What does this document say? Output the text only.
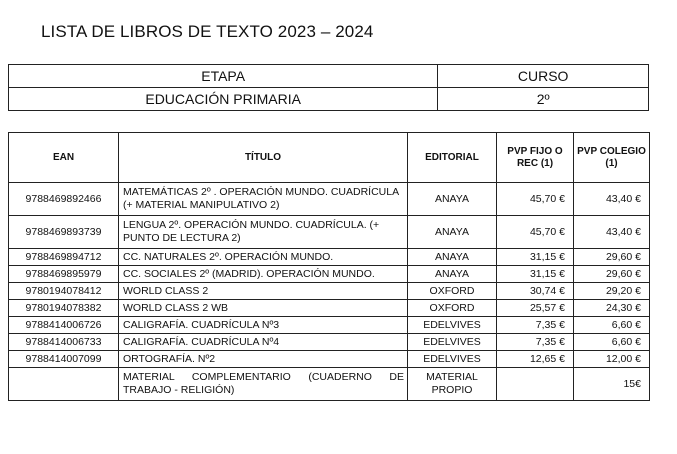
LISTA DE LIBROS DE TEXTO 2023 – 2024
ETAPA	CURSO
EDUCACIÓN PRIMARIA	2º
EAN	TÍTULO	EDITORIAL	PVP FIJO O REC (1)	PVP COLEGIO (1)
9788469892466	MATEMÁTICAS 2º . OPERACIÓN MUNDO. CUADRÍCULA (+ MATERIAL MANIPULATIVO 2)	ANAYA	45,70 €	43,40 €
9788469893739	LENGUA 2º. OPERACIÓN MUNDO. CUADRÍCULA. (+ PUNTO DE LECTURA 2)	ANAYA	45,70 €	43,40 €
9788469894712	CC. NATURALES 2º. OPERACIÓN MUNDO.	ANAYA	31,15 €	29,60 €
9788469895979	CC. SOCIALES 2º (MADRID). OPERACIÓN MUNDO.	ANAYA	31,15 €	29,60 €
9780194078412	WORLD CLASS 2	OXFORD	30,74 €	29,20 €
9780194078382	WORLD CLASS 2 WB	OXFORD	25,57 €	24,30 €
9788414006726	CALIGRAFÍA. CUADRÍCULA Nº3	EDELVIVES	7,35 €	6,60 €
9788414006733	CALIGRAFÍA. CUADRÍCULA Nº4	EDELVIVES	7,35 €	6,60 €
9788414007099	ORTOGRAFÍA. Nº2	EDELVIVES	12,65 €	12,00 €
	MATERIAL COMPLEMENTARIO (CUADERNO DE TRABAJO - RELIGIÓN)	MATERIAL PROPIO		15€
